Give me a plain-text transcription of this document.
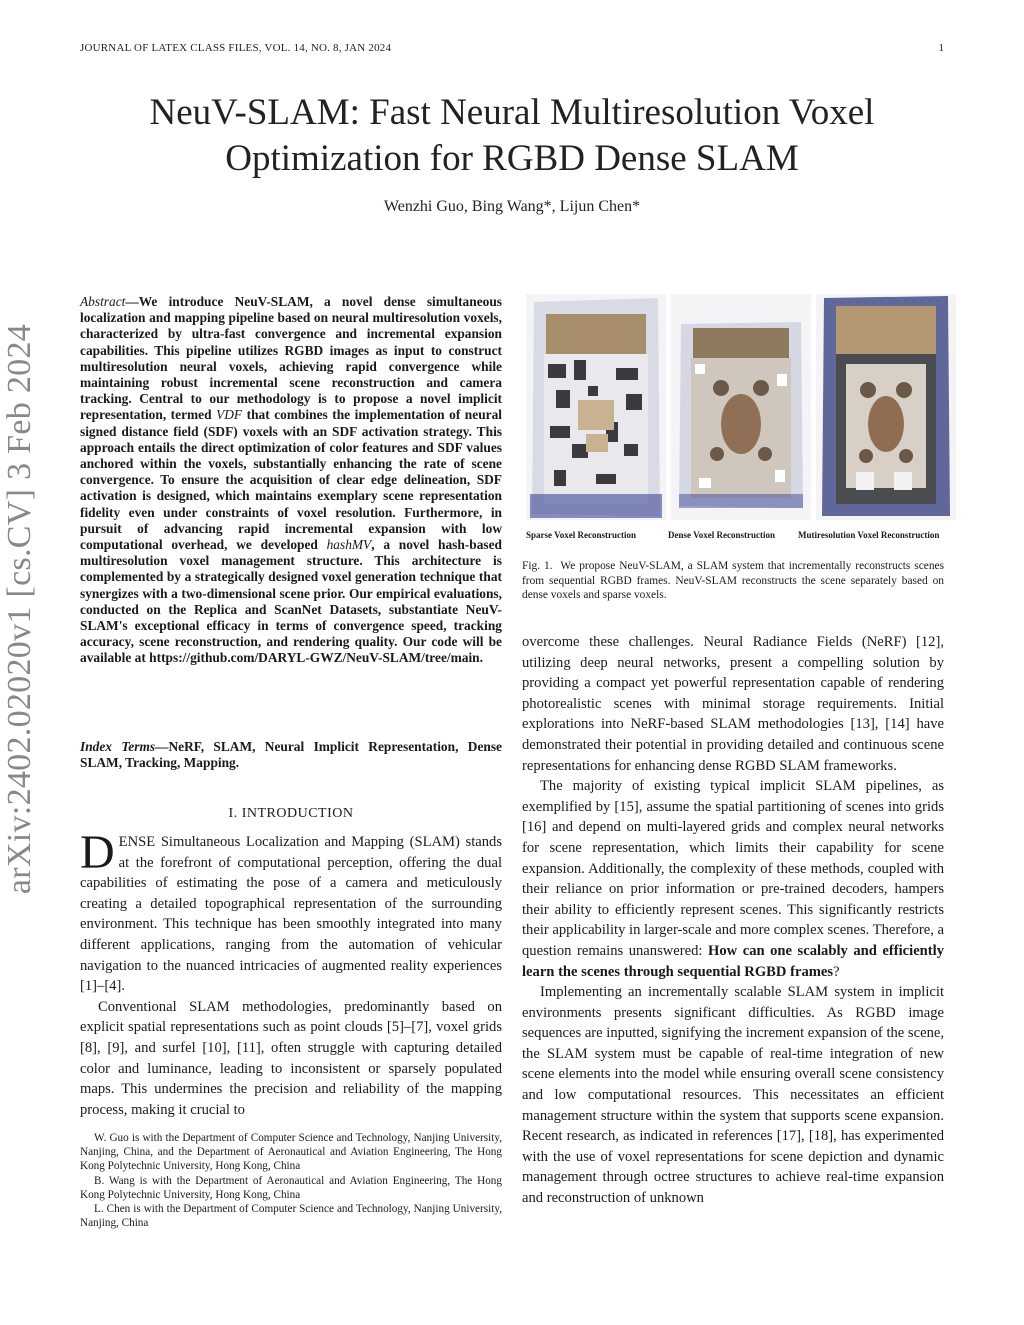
JOURNAL OF LATEX CLASS FILES, VOL. 14, NO. 8, JAN 2024	1
NeuV-SLAM: Fast Neural Multiresolution Voxel
Optimization for RGBD Dense SLAM
Wenzhi Guo, Bing Wang*, Lijun Chen*
arXiv:2402.02020v1 [cs.CV] 3 Feb 2024
Abstract—We introduce NeuV-SLAM, a novel dense simultaneous localization and mapping pipeline based on neural multiresolution voxels, characterized by ultra-fast convergence and incremental expansion capabilities. This pipeline utilizes RGBD images as input to construct multiresolution neural voxels, achieving rapid convergence while maintaining robust incremental scene reconstruction and camera tracking. Central to our methodology is to propose a novel implicit representation, termed VDF that combines the implementation of neural signed distance field (SDF) voxels with an SDF activation strategy. This approach entails the direct optimization of color features and SDF values anchored within the voxels, substantially enhancing the rate of scene convergence. To ensure the acquisition of clear edge delineation, SDF activation is designed, which maintains exemplary scene representation fidelity even under constraints of voxel resolution. Furthermore, in pursuit of advancing rapid incremental expansion with low computational overhead, we developed hashMV, a novel hash-based multiresolution voxel management structure. This architecture is complemented by a strategically designed voxel generation technique that synergizes with a two-dimensional scene prior. Our empirical evaluations, conducted on the Replica and ScanNet Datasets, substantiate NeuV-SLAM's exceptional efficacy in terms of convergence speed, tracking accuracy, scene reconstruction, and rendering quality. Our code will be available at https://github.com/DARYL-GWZ/NeuV-SLAM/tree/main.
Index Terms—NeRF, SLAM, Neural Implicit Representation, Dense SLAM, Tracking, Mapping.
I. INTRODUCTION

DENSE Simultaneous Localization and Mapping (SLAM) stands at the forefront of computational perception, offering the dual capabilities of estimating the pose of a camera and meticulously creating a detailed topographical representation of the surrounding environment. This technique has been smoothly integrated into many different applications, ranging from the automation of vehicular navigation to the nuanced intricacies of augmented reality experiences [1]–[4].

Conventional SLAM methodologies, predominantly based on explicit spatial representations such as point clouds [5]–[7], voxel grids [8], [9], and surfel [10], [11], often struggle with capturing detailed color and luminance, leading to inconsistent or sparsely populated maps. This undermines the precision and reliability of the mapping process, making it crucial to

W. Guo is with the Department of Computer Science and Technology, Nanjing University, Nanjing, China, and the Department of Aeronautical and Aviation Engineering, The Hong Kong Polytechnic University, Hong Kong, China

B. Wang is with the Department of Aeronautical and Aviation Engineering, The Hong Kong Polytechnic University, Hong Kong, China

L. Chen is with the Department of Computer Science and Technology, Nanjing University, Nanjing, China

Sparse Voxel Reconstruction	Dense Voxel Reconstruction	Mutiresolution Voxel Reconstruction
Fig. 1. We propose NeuV-SLAM, a SLAM system that incrementally reconstructs scenes from sequential RGBD frames. NeuV-SLAM reconstructs the scene separately based on dense voxels and sparse voxels.

overcome these challenges. Neural Radiance Fields (NeRF) [12], utilizing deep neural networks, present a compelling solution by providing a compact yet powerful representation capable of rendering photorealistic scenes with minimal storage requirements. Initial explorations into NeRF-based SLAM methodologies [13], [14] have demonstrated their potential in providing detailed and continuous scene representations for enhancing dense RGBD SLAM frameworks.

The majority of existing typical implicit SLAM pipelines, as exemplified by [15], assume the spatial partitioning of scenes into grids [16] and depend on multi-layered grids and complex neural networks for scene representation, which limits their capability for scene expansion. Additionally, the complexity of these methods, coupled with their reliance on prior information or pre-trained decoders, hampers their ability to efficiently represent scenes. This significantly restricts their applicability in larger-scale and more complex scenes. Therefore, a question remains unanswered: How can one scalably and efficiently learn the scenes through sequential RGBD frames?

Implementing an incrementally scalable SLAM system in implicit environments presents significant difficulties. As RGBD image sequences are inputted, signifying the increment expansion of the scene, the SLAM system must be capable of real-time integration of new scene elements into the model while ensuring overall scene consistency and low computational resources. This necessitates an efficient management structure within the system that supports scene expansion. Recent research, as indicated in references [17], [18], has experimented with the use of voxel representations for scene depiction and dynamic management through octree structures to achieve real-time expansion and reconstruction of unknown
